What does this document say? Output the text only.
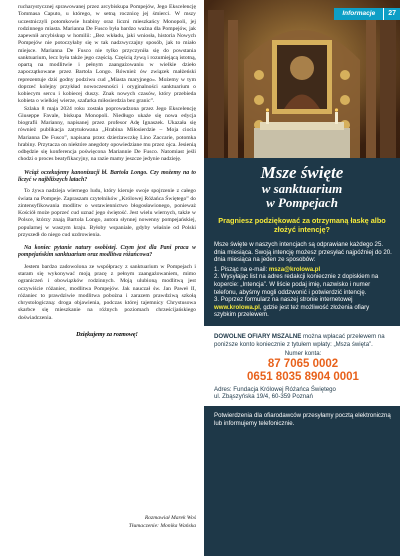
rucharystycznej sprawowanej przez arcybiskupa Pompejów, Jego Ekscelencję Tommasa Caputo, u którego, w setną rocznicę jej śmierci. W mszy uczestniczyli potomkowie hrabiny oraz liczni mieszkańcy Monopoli, jej rodzinnego miasta. Marianna De Fusco była bardzo ważna dla Pompejów, jak zapewnił arcybiskup w homilii: „Bez wkładu, jaki wniosła, historia Nowych Pompejów nie potoczyłaby się w tak nadzwyczajny sposób, jak to miało miejsce. Marianna De Fusco nie tylko przyczyniła się do powstania sanktuarium, lecz była także jego częścią. Częścią żywą i rozumiejącą istotną, opartą na modlitwie i pełnym zaangażowaniu w wielkie dzieło zapoczątkowane przez Bartola Longo. Również ów związek małżeński reprezentuje dziś godny podziwu cud „Miasta maryjnego». Możemy w tym doprzeć kolejny przykład nowoczesności i oryginalności sanktuarium o kobiecym sercu i kobiecej duszy. Znak nowych czasów, który przebieda kobieta o wielkiej wierze, szafarka miłosierdzia bez granic”.

Szlaka 8 maja 2024 roku została poprowadzona przez Jego Ekscelencję Giuseppe Favale, biskupa Monopoli. Niedługo ukaże się nowa edycja biografii Marianny, napisanej przez profesor Adę Ignaszek. Ukazała się również publikacja zatytułowana „Hrabina Miłosierdzie – Moja ciocia Marianna De Fusco”, napisana przez dzierżawczkę Lino Zaccarie, potomka hrabiny. Przytacza on niektóre anegdoty opowiedziane mu przez ojca. Jesienią odbędzie się konferencja poświęcona Mariannie De Fusco. Natomiast jeśli chodzi o proces beatyfikacyjny, na razie mamy jeszcze jedynie nadzieję.

Wciąż oczekujemy kanonizacji bł. Bartola Longo. Czy możemy na to liczyć w najbliższych latach?

To żywa nadzieja wiernego ludu, który kieruje swoje spojrzenie z całego świata na Pompeje. Zapraszam czytelników „Królowej Różańca Świętego” do zintensyfikowania modlitw o wstawiennictwo błogosławionego, ponieważ Kościół może poprzeć cud uznać jego świętość. Jest wielu wiernych, także w Polsce, którzy znają Bartola Longo, autora słynnej nowenny pompejańskiej, popularnej w waszym kraju. Byłoby wspaniale, gdyby właśnie od Polski przyszedł do niego cud uzdrowienia.

Na koniec pytanie natury osobistej. Czym jest dla Pani praca w pompejańskim sanktuarium oraz modlitwa różańcowa?

Jestem bardzo zadowolona ze współpracy z sanktuarium w Pompejach i staram się wykonywać moją pracę z pełnym zaangażowaniem, mimo ograniczeń i obowiązków rodzinnych. Moją ulubioną modlitwą jest oczywiście różaniec, modlitwa Pompejów. Jak nauczał św. Jan Paweł II, różaniec to prawdziwie modlitwa pobożna i zarazem prawdziwą szkołą chrystologiczną: droga objawienia, podczas której tajemnicy Chrystusowa skarbce się mieszkanie na różnych poziomach chrześcijańskiego doświadczenia.

Dziękujemy za rozmowę!
Rozmawiał Marek Woś
Tłumaczenie: Monika Wańska
Informacje	27
Msze święte
w sanktuarium
w Pompejach
Pragniesz podziękować za otrzymaną łaskę albo złożyć intencję?
Msze święte w naszych intencjach są odprawiane każdego 25. dnia miesiąca. Swoją intencję możesz przesyłać najpóźniej do 20. dnia miesiąca na jeden ze sposobów:
1. Pisząc na e-mail: msza@krolowa.pl
2. Wysyłając list na adres redakcji koniecznie z dopiskiem na kopercie: „Intencja”. W liście podaj imię, nazwisko i numer telefonu, abyśmy mogli oddzwonić i potwierdzić intencję.
3. Poprzez formularz na naszej stronie internetowej www.krolowa.pl, gdzie jest też możliwość złożenia ofiary szybkim przelewem.
DOWOLNE OFIARY MSZALNE można wpłacać przelewem na poniższe konto koniecznie z tytułem wpłaty: „Msza święta”.
Numer konta:
87 7065 0002
0651 8035 8904 0001
Adres: Fundacja Królowej Różańca Świętego
ul. Zbąszyńska 19/4, 60-359 Poznań
Potwierdzenia dla ofiarodawców przesyłamy pocztą elektroniczną lub informujemy telefonicznie.
